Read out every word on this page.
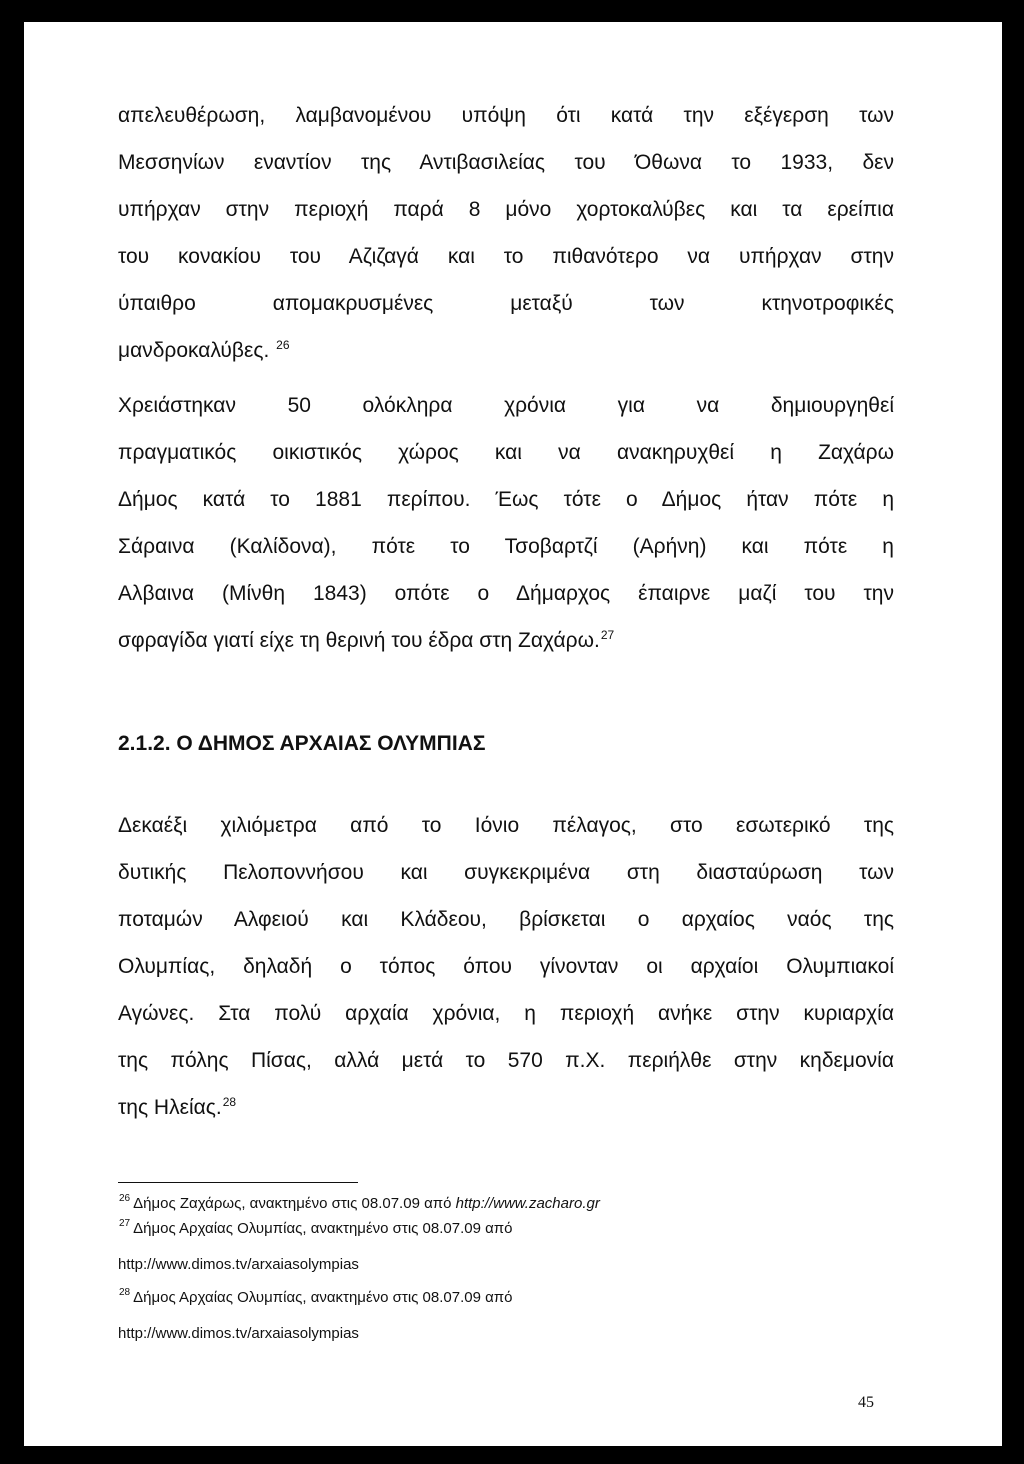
απελευθέρωση, λαμβανομένου υπόψη ότι κατά την εξέγερση των

Μεσσηνίων εναντίον της Αντιβασιλείας του Όθωνα το 1933, δεν

υπήρχαν στην περιοχή παρά 8 μόνο χορτοκαλύβες και τα ερείπια

του κονακίου του Αζιζαγά και το πιθανότερο να υπήρχαν στην

ύπαιθρο απομακρυσμένες μεταξύ των κτηνοτροφικές

μανδροκαλύβες. $^{26}$

Χρειάστηκαν 50 ολόκληρα χρόνια για να δημιουργηθεί

πραγματικός οικιστικός χώρος και να ανακηρυχθεί η Ζαχάρω

Δήμος κατά το 1881 περίπου. Έως τότε ο Δήμος ήταν πότε η

Σάραινα (Καλίδονα), πότε το Τσοβαρτζί (Αρήνη) και πότε η

Αλβαινα (Μίνθη 1843) οπότε ο Δήμαρχος έπαιρνε μαζί του την

σφραγίδα γιατί είχε τη θερινή του έδρα στη Ζαχάρω.$^{27}$

2.1.2. Ο ΔΗΜΟΣ ΑΡΧΑΙΑΣ ΟΛΥΜΠΙΑΣ

Δεκαέξι χιλιόμετρα από το Ιόνιο πέλαγος, στο εσωτερικό της

δυτικής Πελοποννήσου και συγκεκριμένα στη διασταύρωση των

ποταμών Αλφειού και Κλάδεου, βρίσκεται ο αρχαίος ναός της

Ολυμπίας, δηλαδή ο τόπος όπου γίνονταν οι αρχαίοι Ολυμπιακοί

Αγώνες. Στα πολύ αρχαία χρόνια, η περιοχή ανήκε στην κυριαρχία

της πόλης Πίσας, αλλά μετά το 570 π.Χ. περιήλθε στην κηδεμονία

της Ηλείας.$^{28}$

$^{26}$ Δήμος Ζαχάρως, ανακτημένο στις 08.07.09 από http://www.zacharo.gr

$^{27}$ Δήμος Αρχαίας Ολυμπίας, ανακτημένο στις 08.07.09 από

http://www.dimos.tv/arxaiasolympias

$^{28}$ Δήμος Αρχαίας Ολυμπίας, ανακτημένο στις 08.07.09 από

http://www.dimos.tv/arxaiasolympias

45
